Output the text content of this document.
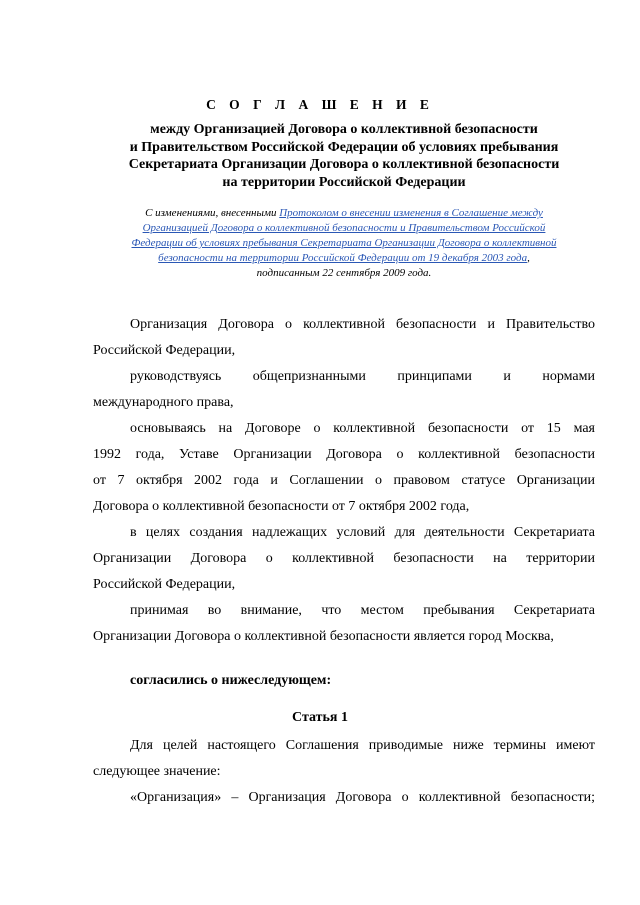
С О Г Л А Ш Е Н И Е
между Организацией Договора о коллективной безопасности
и Правительством Российской Федерации об условиях пребывания
Секретариата Организации Договора о коллективной безопасности
на территории Российской Федерации
С изменениями, внесенными Протоколом о внесении изменения в Соглашение между
Организацией Договора о коллективной безопасности и Правительством Российской
Федерации об условиях пребывания Секретариата Организации Договора о коллективной
безопасности на территории Российской Федерации от 19 декабря 2003 года,
подписанным 22 сентября 2009 года.

Организация Договора о коллективной безопасности и Правительство
Российской Федерации,

руководствуясь общепризнанными принципами и нормами
международного права,

основываясь на Договоре о коллективной безопасности от 15 мая
1992 года, Уставе Организации Договора о коллективной безопасности
от 7 октября 2002 года и Соглашении о правовом статусе Организации
Договора о коллективной безопасности от 7 октября 2002 года,

в целях создания надлежащих условий для деятельности Секретариата
Организации Договора о коллективной безопасности на территории
Российской Федерации,

принимая во внимание, что местом пребывания Секретариата
Организации Договора о коллективной безопасности является город Москва,

согласились о нижеследующем:
Статья 1

Для целей настоящего Соглашения приводимые ниже термины имеют
следующее значение:

«Организация» – Организация Договора о коллективной безопасности;
